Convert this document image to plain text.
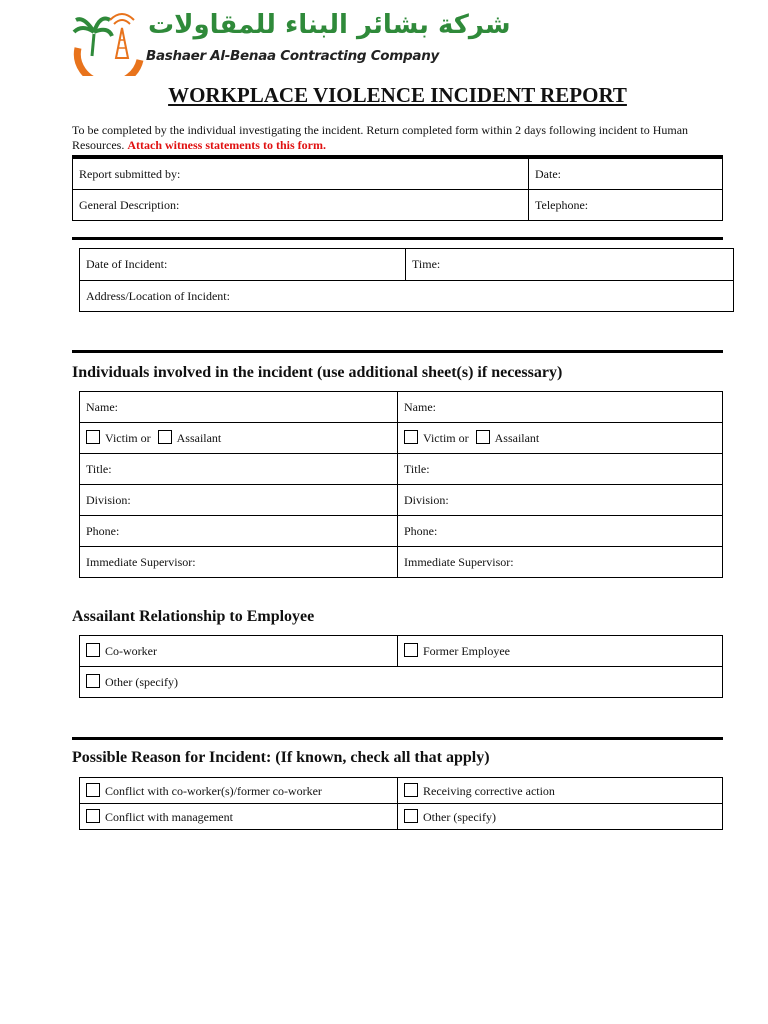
شركة بشائر البناء للمقاولات
Bashaer Al-Benaa Contracting Company
WORKPLACE VIOLENCE INCIDENT REPORT
To be completed by the individual investigating the incident. Return completed form within 2 days following incident to Human Resources. Attach witness statements to this form.
Report submitted by:	Date:
General Description:	Telephone:
Date of Incident:	Time:
Address/Location of Incident:
Individuals involved in the incident (use additional sheet(s) if necessary)
Name:	Name:
Victim or Assailant	Victim or Assailant
Title:	Title:
Division:	Division:
Phone:	Phone:
Immediate Supervisor:	Immediate Supervisor:
Assailant Relationship to Employee
Co-worker	Former Employee
Other (specify)
Possible Reason for Incident: (If known, check all that apply)
Conflict with co-worker(s)/former co-worker	Receiving corrective action
Conflict with management	Other (specify)
